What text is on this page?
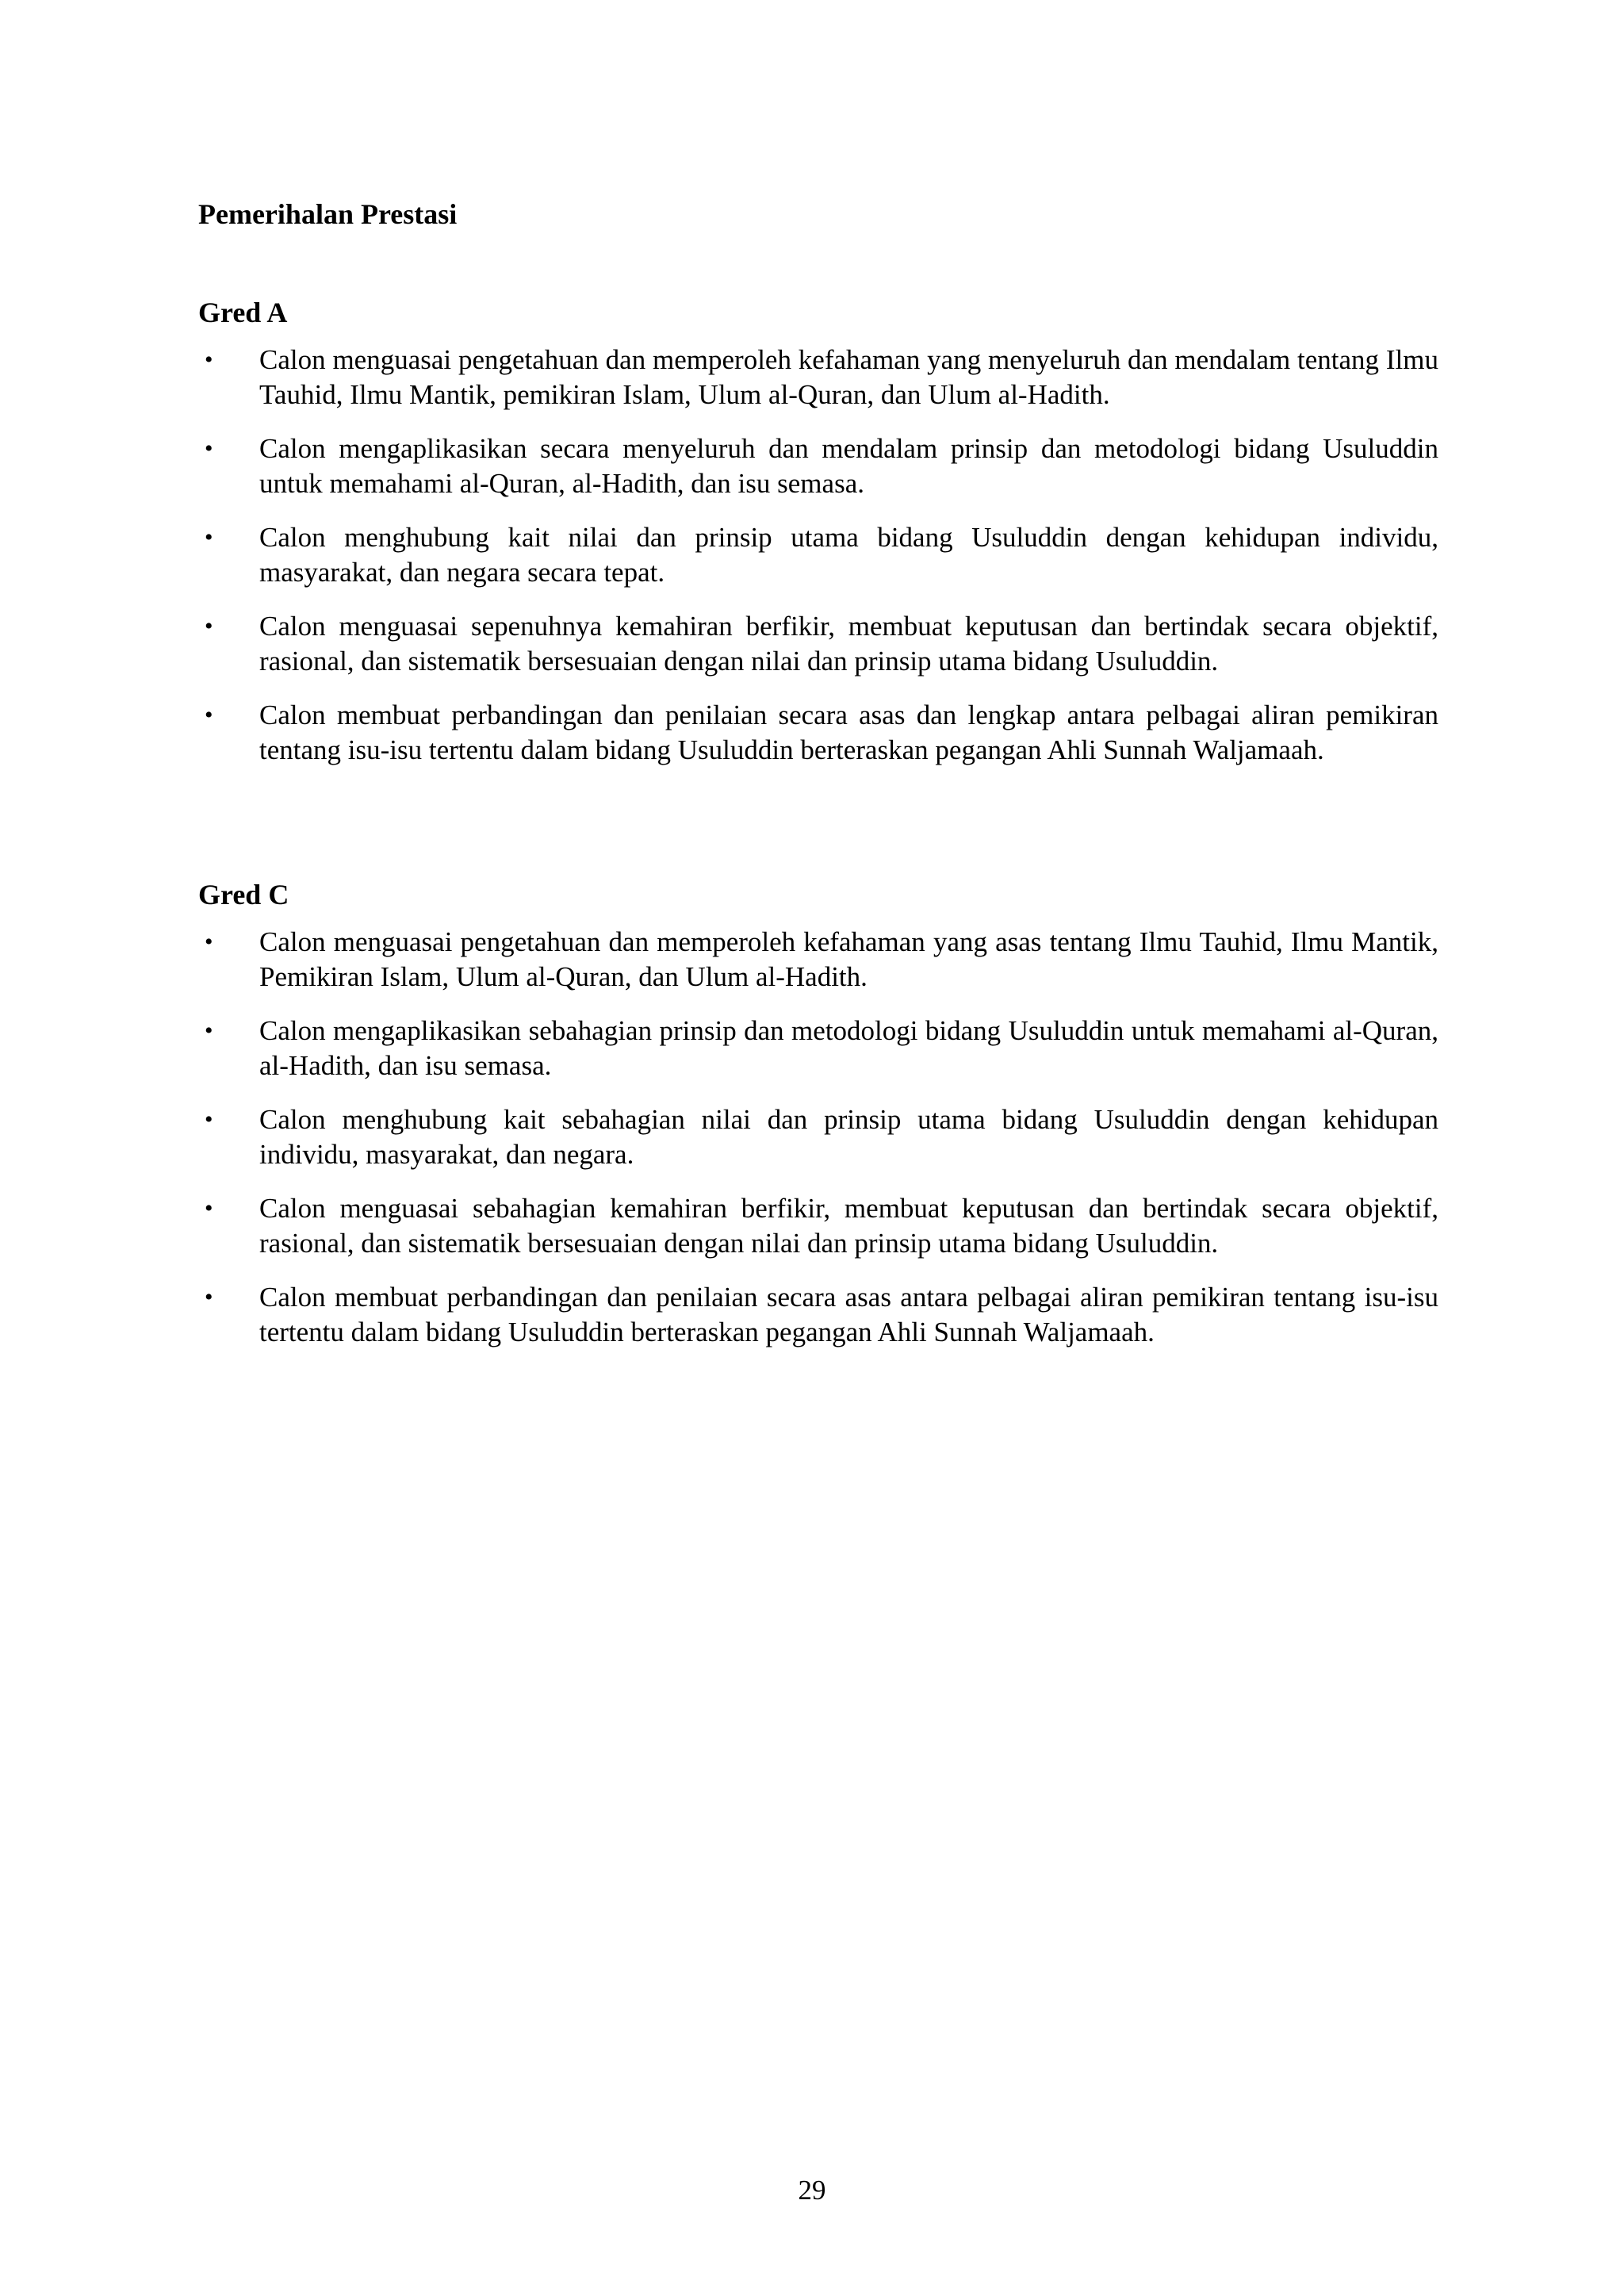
Pemerihalan Prestasi
Gred A
• Calon menguasai pengetahuan dan memperoleh kefahaman yang menyeluruh dan mendalam tentang Ilmu Tauhid, Ilmu Mantik, pemikiran Islam, Ulum al-Quran, dan Ulum al-Hadith.
• Calon mengaplikasikan secara menyeluruh dan mendalam prinsip dan metodologi bidang Usuluddin untuk memahami al-Quran, al-Hadith, dan isu semasa.
• Calon menghubung kait nilai dan prinsip utama bidang Usuluddin dengan kehidupan individu, masyarakat, dan negara secara tepat.
• Calon menguasai sepenuhnya kemahiran berfikir, membuat keputusan dan bertindak secara objektif, rasional, dan sistematik bersesuaian dengan nilai dan prinsip utama bidang Usuluddin.
• Calon membuat perbandingan dan penilaian secara asas dan lengkap antara pelbagai aliran pemikiran tentang isu-isu tertentu dalam bidang Usuluddin berteraskan pegangan Ahli Sunnah Waljamaah.
Gred C
• Calon menguasai pengetahuan dan memperoleh kefahaman yang asas tentang Ilmu Tauhid, Ilmu Mantik, Pemikiran Islam, Ulum al-Quran, dan Ulum al-Hadith.
• Calon mengaplikasikan sebahagian prinsip dan metodologi bidang Usuluddin untuk memahami al-Quran, al-Hadith, dan isu semasa.
• Calon menghubung kait sebahagian nilai dan prinsip utama bidang Usuluddin dengan kehidupan individu, masyarakat, dan negara.
• Calon menguasai sebahagian kemahiran berfikir, membuat keputusan dan bertindak secara objektif, rasional, dan sistematik bersesuaian dengan nilai dan prinsip utama bidang Usuluddin.
• Calon membuat perbandingan dan penilaian secara asas antara pelbagai aliran pemikiran tentang isu-isu tertentu dalam bidang Usuluddin berteraskan pegangan Ahli Sunnah Waljamaah.
29
